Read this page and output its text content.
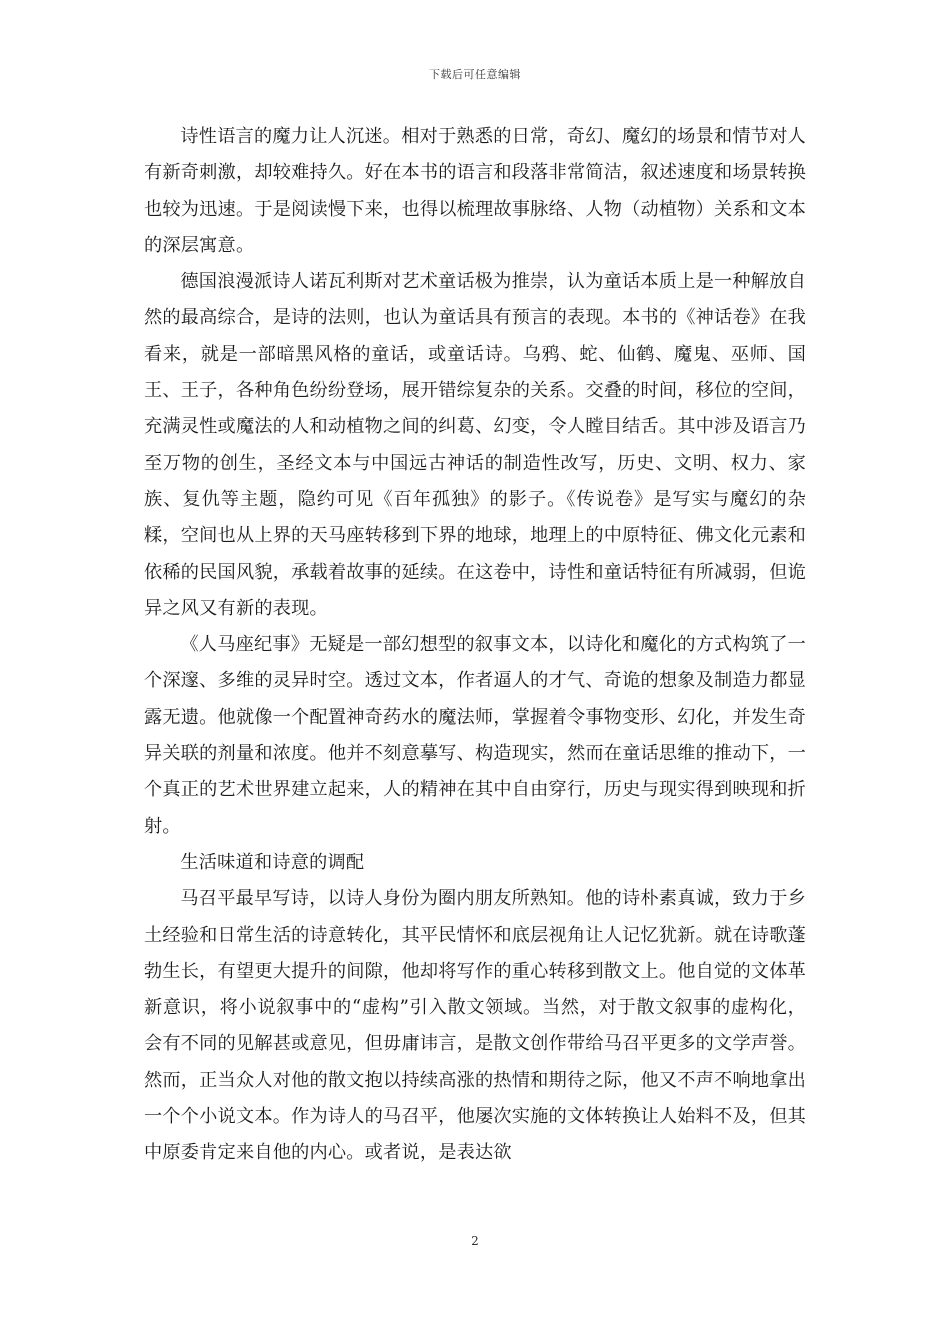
下载后可任意编辑

诗性语言的魔力让人沉迷。相对于熟悉的日常，奇幻、魔幻的场景和情节对人有新奇刺激，却较难持久。好在本书的语言和段落非常简洁，叙述速度和场景转换也较为迅速。于是阅读慢下来，也得以梳理故事脉络、人物（动植物）关系和文本的深层寓意。

德国浪漫派诗人诺瓦利斯对艺术童话极为推崇，认为童话本质上是一种解放自然的最高综合，是诗的法则，也认为童话具有预言的表现。本书的《神话卷》在我看来，就是一部暗黑风格的童话，或童话诗。乌鸦、蛇、仙鹤、魔鬼、巫师、国王、王子，各种角色纷纷登场，展开错综复杂的关系。交叠的时间，移位的空间，充满灵性或魔法的人和动植物之间的纠葛、幻变，令人瞠目结舌。其中涉及语言乃至万物的创生，圣经文本与中国远古神话的制造性改写，历史、文明、权力、家族、复仇等主题，隐约可见《百年孤独》的影子。《传说卷》是写实与魔幻的杂糅，空间也从上界的天马座转移到下界的地球，地理上的中原特征、佛文化元素和依稀的民国风貌，承载着故事的延续。在这卷中，诗性和童话特征有所减弱，但诡异之风又有新的表现。

《人马座纪事》无疑是一部幻想型的叙事文本，以诗化和魔化的方式构筑了一个深邃、多维的灵异时空。透过文本，作者逼人的才气、奇诡的想象及制造力都显露无遗。他就像一个配置神奇药水的魔法师，掌握着令事物变形、幻化，并发生奇异关联的剂量和浓度。他并不刻意摹写、构造现实，然而在童话思维的推动下，一个真正的艺术世界建立起来，人的精神在其中自由穿行，历史与现实得到映现和折射。

生活味道和诗意的调配

马召平最早写诗，以诗人身份为圈内朋友所熟知。他的诗朴素真诚，致力于乡土经验和日常生活的诗意转化，其平民情怀和底层视角让人记忆犹新。就在诗歌蓬勃生长，有望更大提升的间隙，他却将写作的重心转移到散文上。他自觉的文体革新意识，将小说叙事中的“虚构”引入散文领域。当然，对于散文叙事的虚构化，会有不同的见解甚或意见，但毋庸讳言，是散文创作带给马召平更多的文学声誉。然而，正当众人对他的散文抱以持续高涨的热情和期待之际，他又不声不响地拿出一个个小说文本。作为诗人的马召平，他屡次实施的文体转换让人始料不及，但其中原委肯定来自他的内心。或者说，是表达欲

2
